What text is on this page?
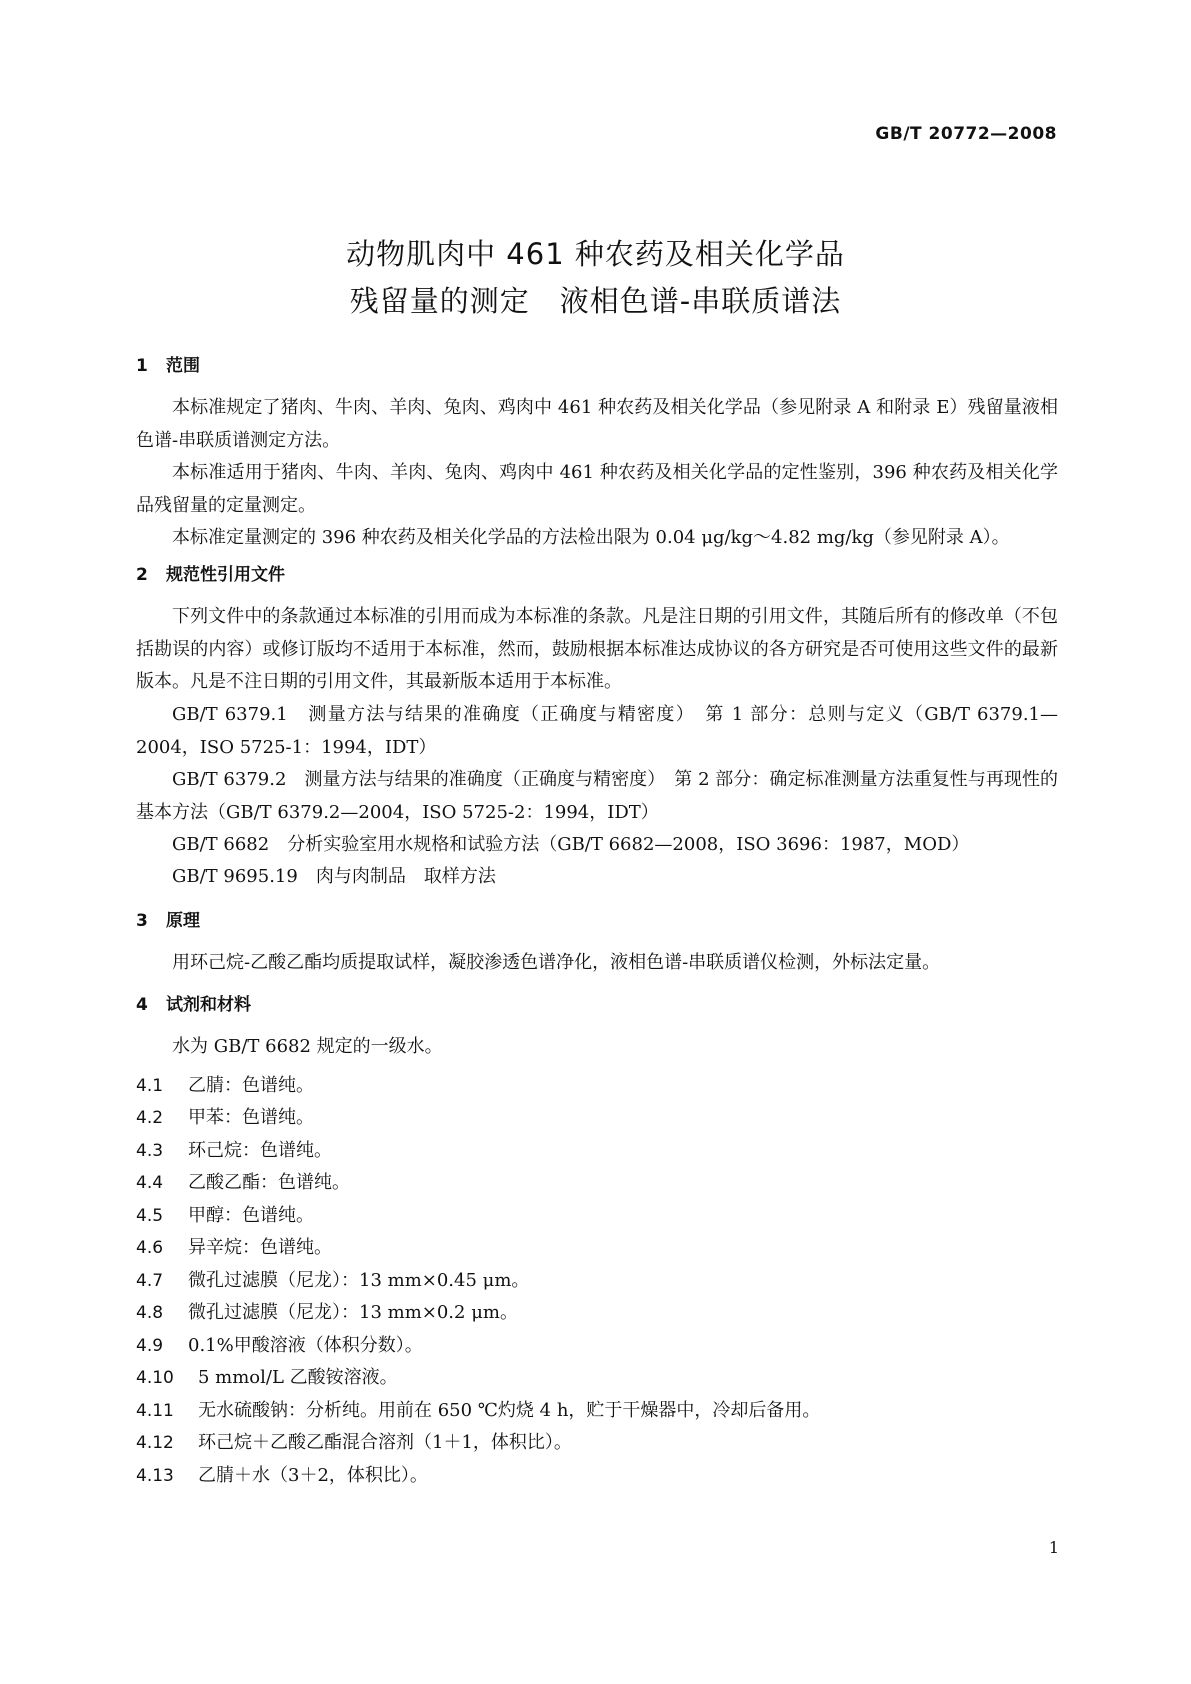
GB/T 20772—2008
动物肌肉中 461 种农药及相关化学品
残留量的测定　液相色谱-串联质谱法
1 范围
本标准规定了猪肉、牛肉、羊肉、兔肉、鸡肉中 461 种农药及相关化学品（参见附录 A 和附录 E）残留量液相色谱-串联质谱测定方法。
本标准适用于猪肉、牛肉、羊肉、兔肉、鸡肉中 461 种农药及相关化学品的定性鉴别，396 种农药及相关化学品残留量的定量测定。
本标准定量测定的 396 种农药及相关化学品的方法检出限为 0.04 μg/kg～4.82 mg/kg（参见附录 A）。
2 规范性引用文件
下列文件中的条款通过本标准的引用而成为本标准的条款。凡是注日期的引用文件，其随后所有的修改单（不包括勘误的内容）或修订版均不适用于本标准，然而，鼓励根据本标准达成协议的各方研究是否可使用这些文件的最新版本。凡是不注日期的引用文件，其最新版本适用于本标准。
GB/T 6379.1　测量方法与结果的准确度（正确度与精密度）　第 1 部分：总则与定义（GB/T 6379.1—2004，ISO 5725-1：1994，IDT）
GB/T 6379.2　测量方法与结果的准确度（正确度与精密度）　第 2 部分：确定标准测量方法重复性与再现性的基本方法（GB/T 6379.2—2004，ISO 5725-2：1994，IDT）
GB/T 6682　分析实验室用水规格和试验方法（GB/T 6682—2008，ISO 3696：1987，MOD）
GB/T 9695.19　肉与肉制品　取样方法
3 原理
用环己烷-乙酸乙酯均质提取试样，凝胶渗透色谱净化，液相色谱-串联质谱仪检测，外标法定量。
4 试剂和材料
水为 GB/T 6682 规定的一级水。
4.1 乙腈：色谱纯。
4.2 甲苯：色谱纯。
4.3 环己烷：色谱纯。
4.4 乙酸乙酯：色谱纯。
4.5 甲醇：色谱纯。
4.6 异辛烷：色谱纯。
4.7 微孔过滤膜（尼龙）：13 mm×0.45 μm。
4.8 微孔过滤膜（尼龙）：13 mm×0.2 μm。
4.9 0.1%甲酸溶液（体积分数）。
4.10 5 mmol/L 乙酸铵溶液。
4.11 无水硫酸钠：分析纯。用前在 650 ℃灼烧 4 h，贮于干燥器中，冷却后备用。
4.12 环己烷＋乙酸乙酯混合溶剂（1＋1，体积比）。
4.13 乙腈＋水（3＋2，体积比）。
1
